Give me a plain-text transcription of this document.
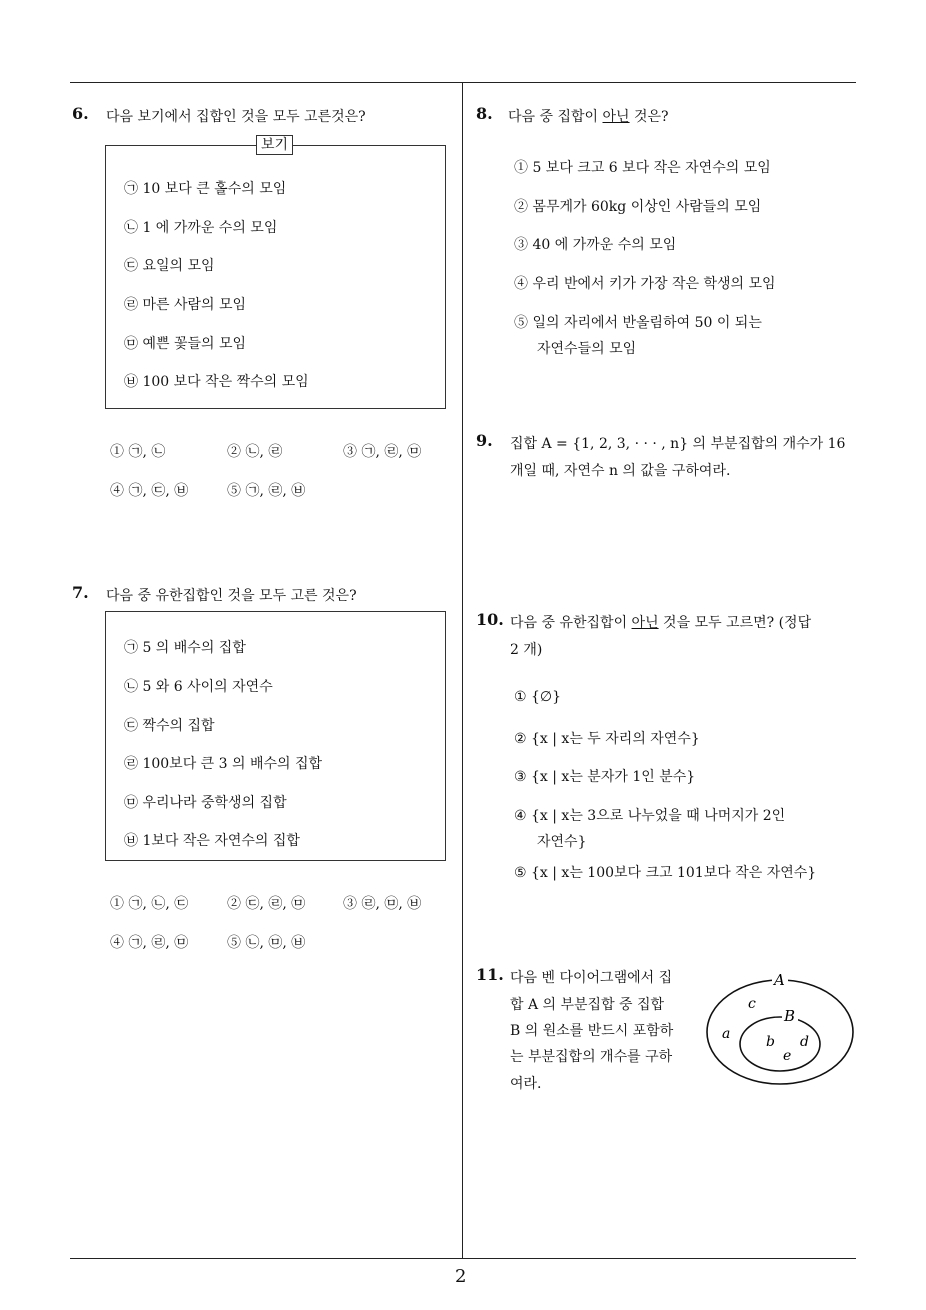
6. 다음 보기에서 집합인 것을 모두 고른것은?
보기
㉠ 10 보다 큰 홀수의 모임
㉡ 1 에 가까운 수의 모임
㉢ 요일의 모임
㉣ 마른 사람의 모임
㉤ 예쁜 꽃들의 모임
㉥ 100 보다 작은 짝수의 모임
① ㉠, ㉡	② ㉡, ㉣	③ ㉠, ㉣, ㉤
④ ㉠, ㉢, ㉥	⑤ ㉠, ㉣, ㉥
7. 다음 중 유한집합인 것을 모두 고른 것은?
㉠ 5 의 배수의 집합
㉡ 5 와 6 사이의 자연수
㉢ 짝수의 집합
㉣ 100보다 큰 3 의 배수의 집합
㉤ 우리나라 중학생의 집합
㉥ 1보다 작은 자연수의 집합
① ㉠, ㉡, ㉢	② ㉢, ㉣, ㉤	③ ㉣, ㉤, ㉥
④ ㉠, ㉣, ㉤	⑤ ㉡, ㉤, ㉥
8. 다음 중 집합이 아닌 것은?
① 5 보다 크고 6 보다 작은 자연수의 모임
② 몸무게가 60kg 이상인 사람들의 모임
③ 40 에 가까운 수의 모임
④ 우리 반에서 키가 가장 작은 학생의 모임
⑤ 일의 자리에서 반올림하여 50 이 되는
자연수들의 모임
9. 집합 A = {1, 2, 3, · · · , n} 의 부분집합의 개수가 16
개일 때, 자연수 n 의 값을 구하여라.
10. 다음 중 유한집합이 아닌 것을 모두 고르면? (정답
2 개)
① {∅}
② {x | x는 두 자리의 자연수}
③ {x | x는 분자가 1인 분수}
④ {x | x는 3으로 나누었을 때 나머지가 2인
자연수}
⑤ {x | x는 100보다 크고 101보다 작은 자연수}
11. 다음 벤 다이어그램에서 집
합 A 의 부분집합 중 집합
B 의 원소를 반드시 포함하
는 부분집합의 개수를 구하
여라.
A
B
c
a	b d
e
2
